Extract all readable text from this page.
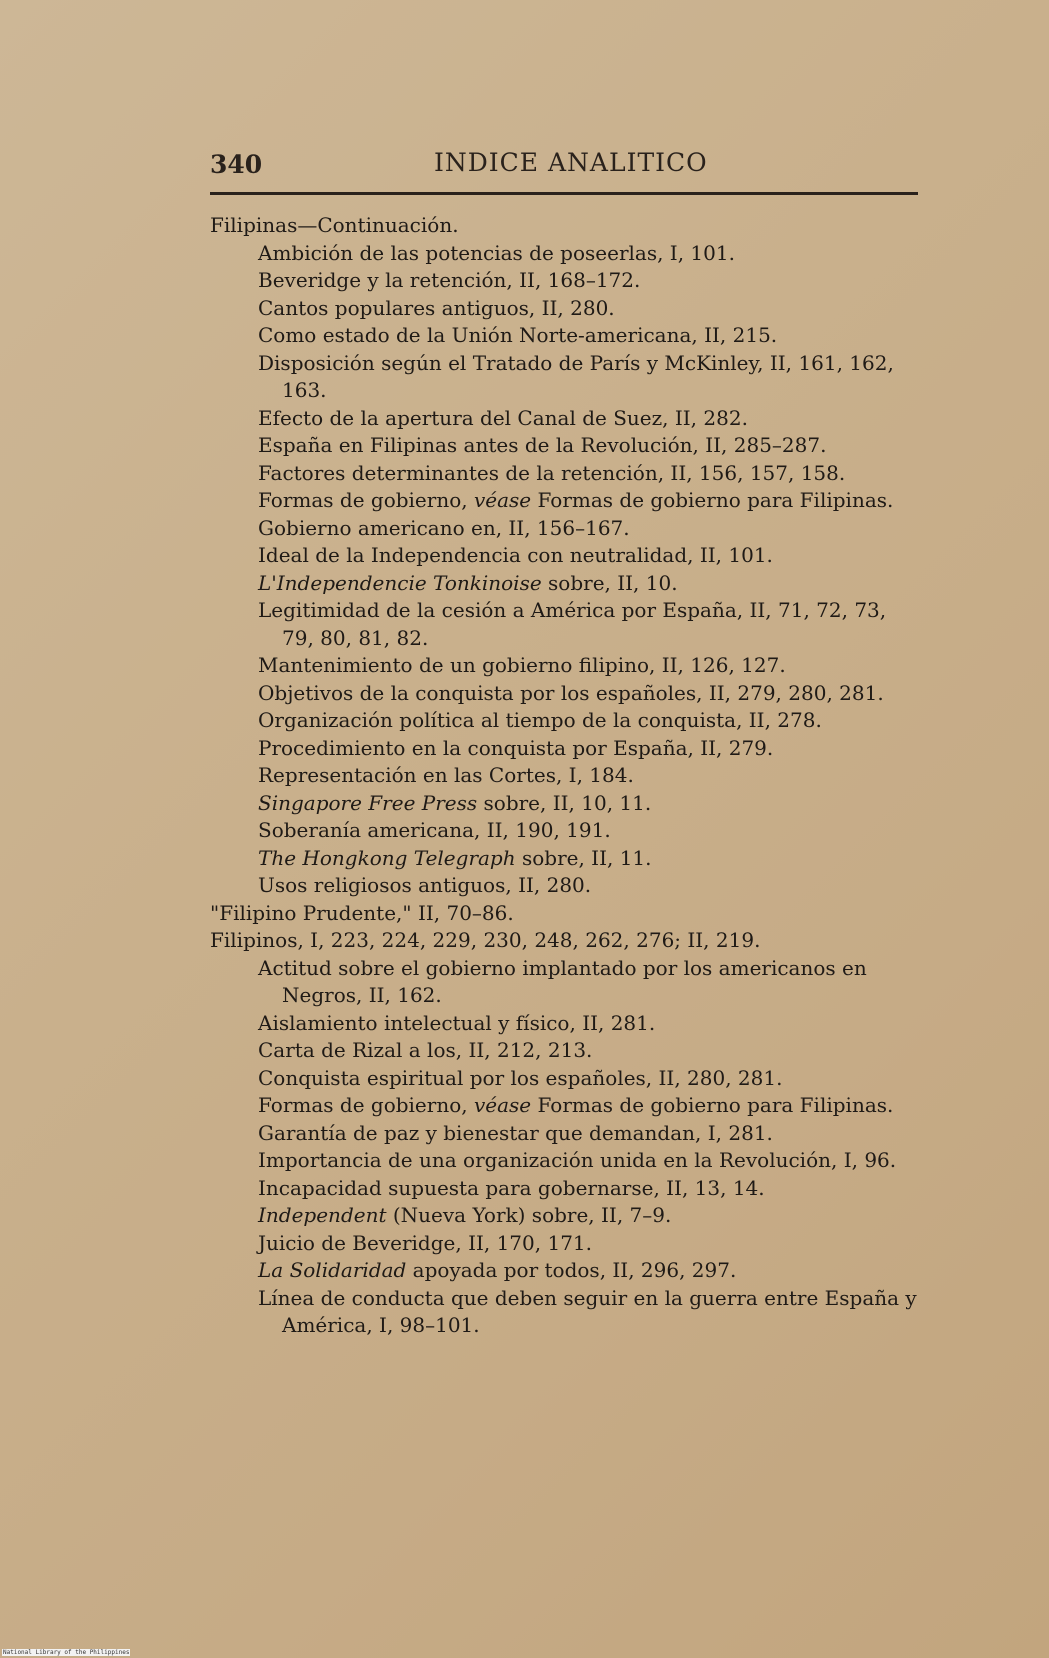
340	INDICE ANALITICO

Filipinas—Continuación.

Ambición de las potencias de poseerlas, I, 101.

Beveridge y la retención, II, 168–172.

Cantos populares antiguos, II, 280.

Como estado de la Unión Norte-americana, II, 215.

Disposición según el Tratado de París y McKinley, II, 161, 162, 163.

Efecto de la apertura del Canal de Suez, II, 282.

España en Filipinas antes de la Revolución, II, 285–287.

Factores determinantes de la retención, II, 156, 157, 158.

Formas de gobierno, véase Formas de gobierno para Filipinas.

Gobierno americano en, II, 156–167.

Ideal de la Independencia con neutralidad, II, 101.

L'Independencie Tonkinoise sobre, II, 10.

Legitimidad de la cesión a América por España, II, 71, 72, 73, 79, 80, 81, 82.

Mantenimiento de un gobierno filipino, II, 126, 127.

Objetivos de la conquista por los españoles, II, 279, 280, 281.

Organización política al tiempo de la conquista, II, 278.

Procedimiento en la conquista por España, II, 279.

Representación en las Cortes, I, 184.

Singapore Free Press sobre, II, 10, 11.

Soberanía americana, II, 190, 191.

The Hongkong Telegraph sobre, II, 11.

Usos religiosos antiguos, II, 280.

"Filipino Prudente," II, 70–86.

Filipinos, I, 223, 224, 229, 230, 248, 262, 276; II, 219.

Actitud sobre el gobierno implantado por los americanos en Negros, II, 162.

Aislamiento intelectual y físico, II, 281.

Carta de Rizal a los, II, 212, 213.

Conquista espiritual por los españoles, II, 280, 281.

Formas de gobierno, véase Formas de gobierno para Filipinas.

Garantía de paz y bienestar que demandan, I, 281.

Importancia de una organización unida en la Revolución, I, 96.

Incapacidad supuesta para gobernarse, II, 13, 14.

Independent (Nueva York) sobre, II, 7–9.

Juicio de Beveridge, II, 170, 171.

La Solidaridad apoyada por todos, II, 296, 297.

Línea de conducta que deben seguir en la guerra entre España y América, I, 98–101.

National Library of the Philippines
